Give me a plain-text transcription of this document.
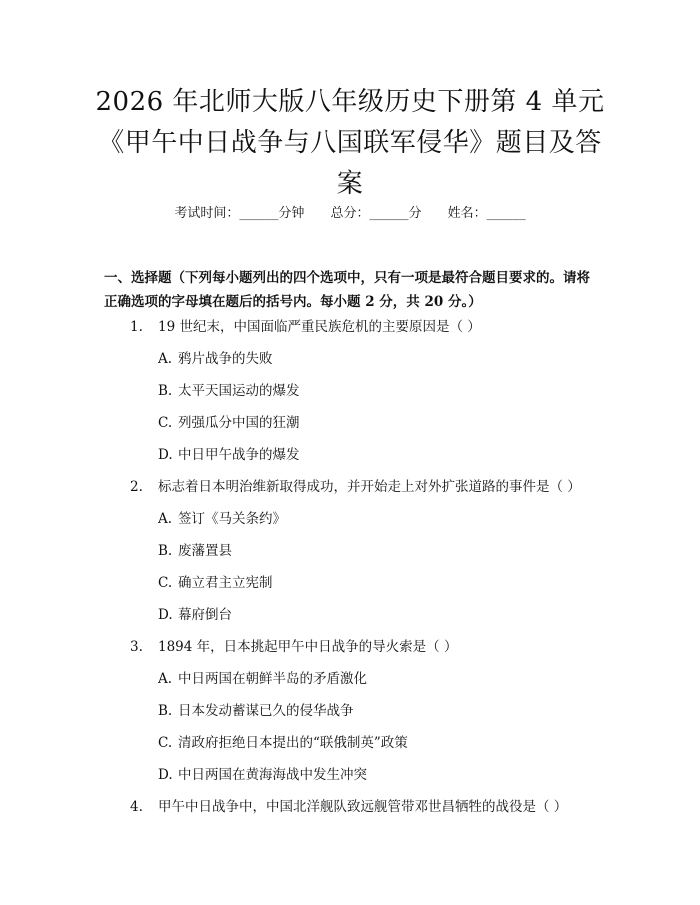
2026 年北师大版八年级历史下册第 4 单元
《甲午中日战争与八国联军侵华》题目及答
案
考试时间：______分钟 总分：______分 姓名：______
一、选择题（下列每小题列出的四个选项中，只有一项是最符合题目要求的。请将正确选项的字母填在题后的括号内。每小题 2 分，共 20 分。）
1. 19 世纪末，中国面临严重民族危机的主要原因是（ ）
A. 鸦片战争的失败
B. 太平天国运动的爆发
C. 列强瓜分中国的狂潮
D. 中日甲午战争的爆发
2. 标志着日本明治维新取得成功，并开始走上对外扩张道路的事件是（ ）
A. 签订《马关条约》
B. 废藩置县
C. 确立君主立宪制
D. 幕府倒台
3. 1894 年，日本挑起甲午中日战争的导火索是（ ）
A. 中日两国在朝鲜半岛的矛盾激化
B. 日本发动蓄谋已久的侵华战争
C. 清政府拒绝日本提出的“联俄制英”政策
D. 中日两国在黄海海战中发生冲突
4. 甲午中日战争中，中国北洋舰队致远舰管带邓世昌牺牲的战役是（ ）
